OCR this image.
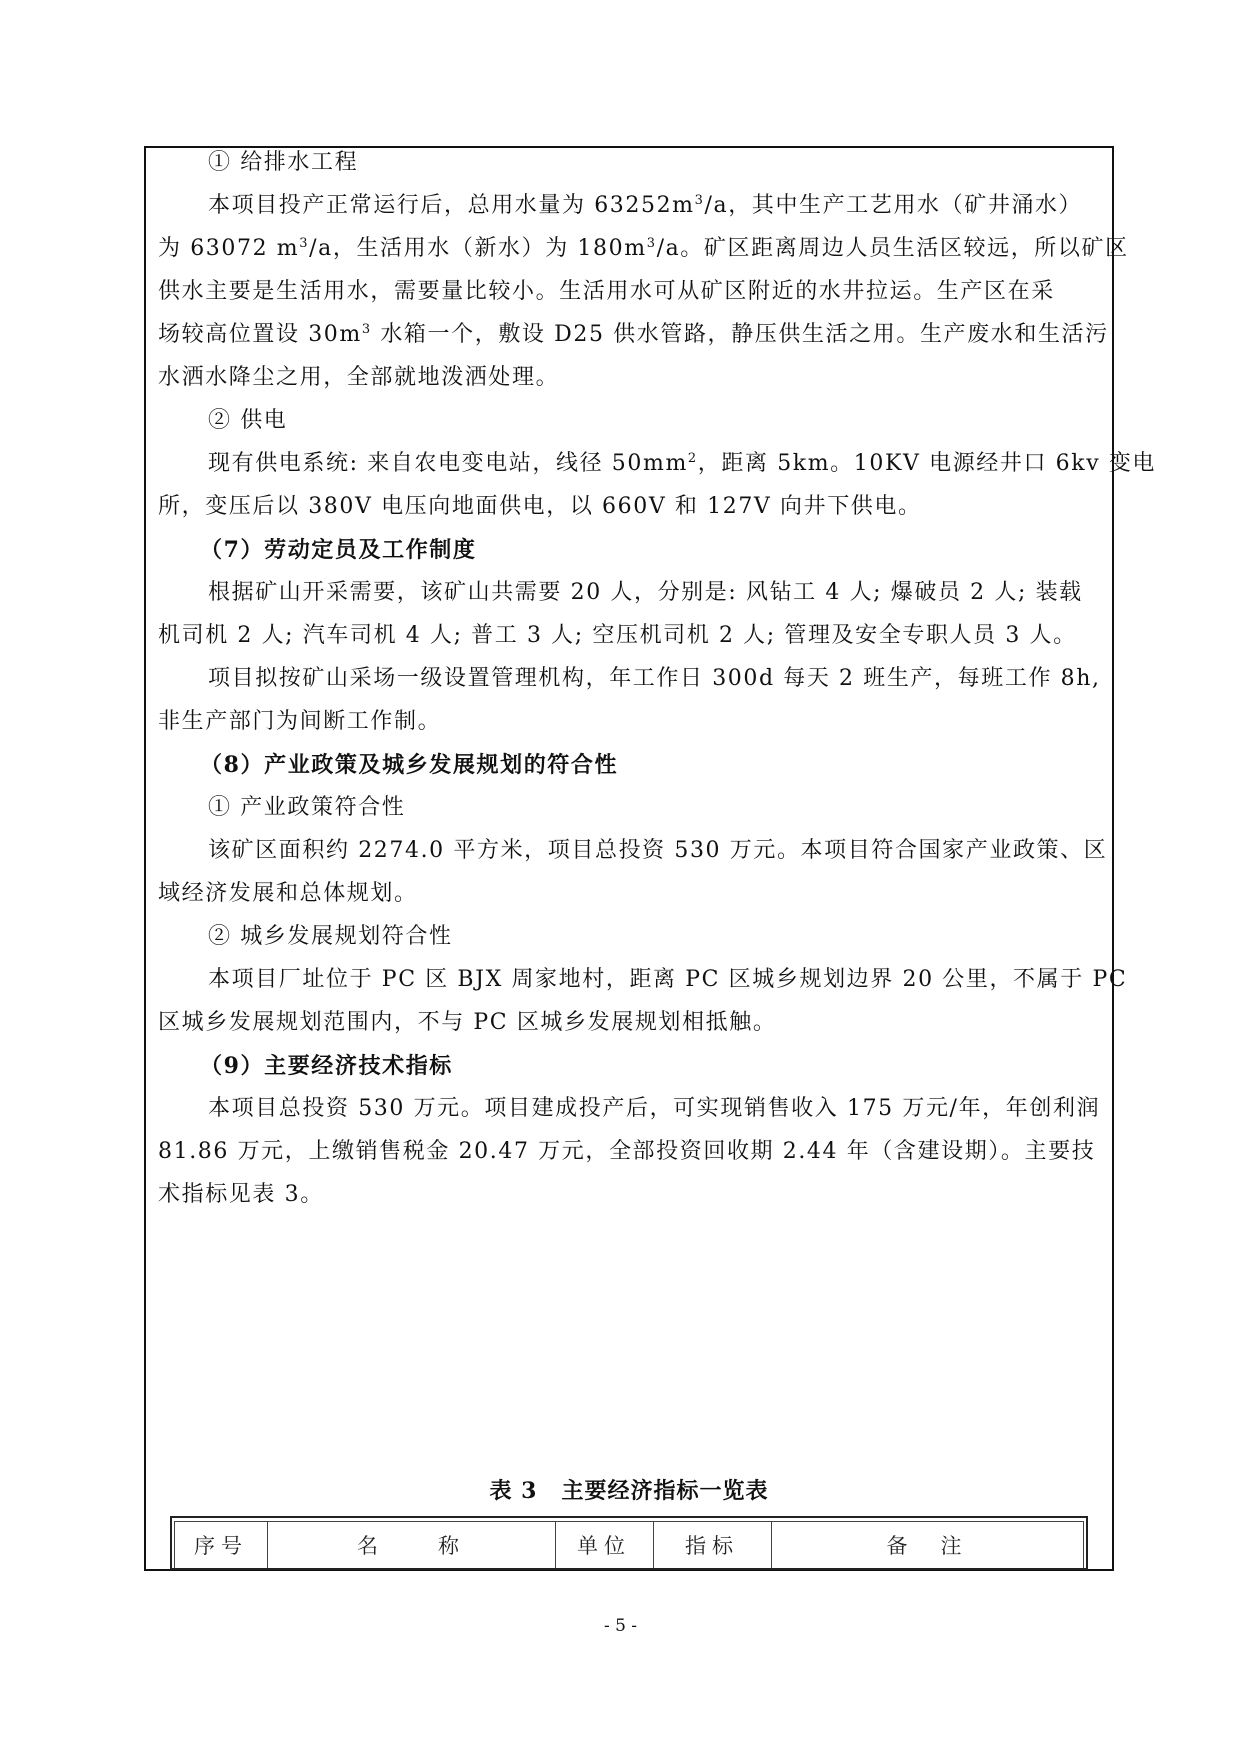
① 给排水工程
本项目投产正常运行后，总用水量为 $63252m^3/a$，其中生产工艺用水（矿井涌水）
为 63072 $m^3/a$，生活用水（新水）为 $180m^3/a$。矿区距离周边人员生活区较远，所以矿区
供水主要是生活用水，需要量比较小。生活用水可从矿区附近的水井拉运。生产区在采
场较高位置设 $30m^3$ 水箱一个，敷设 D25 供水管路，静压供生活之用。生产废水和生活污
水洒水降尘之用，全部就地泼洒处理。
② 供电
现有供电系统: 来自农电变电站，线径 $50mm^2$，距离 5km。10KV 电源经井口 6kv 变电
所，变压后以 380V 电压向地面供电，以 660V 和 127V 向井下供电。
（7）劳动定员及工作制度
根据矿山开采需要，该矿山共需要 20 人，分别是: 风钻工 4 人; 爆破员 2 人; 装载
机司机 2 人; 汽车司机 4 人; 普工 3 人; 空压机司机 2 人; 管理及安全专职人员 3 人。
项目拟按矿山采场一级设置管理机构，年工作日 300d 每天 2 班生产，每班工作 8h,
非生产部门为间断工作制。
（8）产业政策及城乡发展规划的符合性
① 产业政策符合性
该矿区面积约 2274.0 平方米，项目总投资 530 万元。本项目符合国家产业政策、区
域经济发展和总体规划。
② 城乡发展规划符合性
本项目厂址位于 PC 区 BJX 周家地村，距离 PC 区城乡规划边界 20 公里，不属于 PC
区城乡发展规划范围内，不与 PC 区城乡发展规划相抵触。
（9）主要经济技术指标
本项目总投资 530 万元。项目建成投产后，可实现销售收入 175 万元/年，年创利润
81.86 万元，上缴销售税金 20.47 万元，全部投资回收期 2.44 年（含建设期）。主要技
术指标见表 3。
表 3 主要经济指标一览表
序号	名　　称	单位	指标	备　注
- 5 -
